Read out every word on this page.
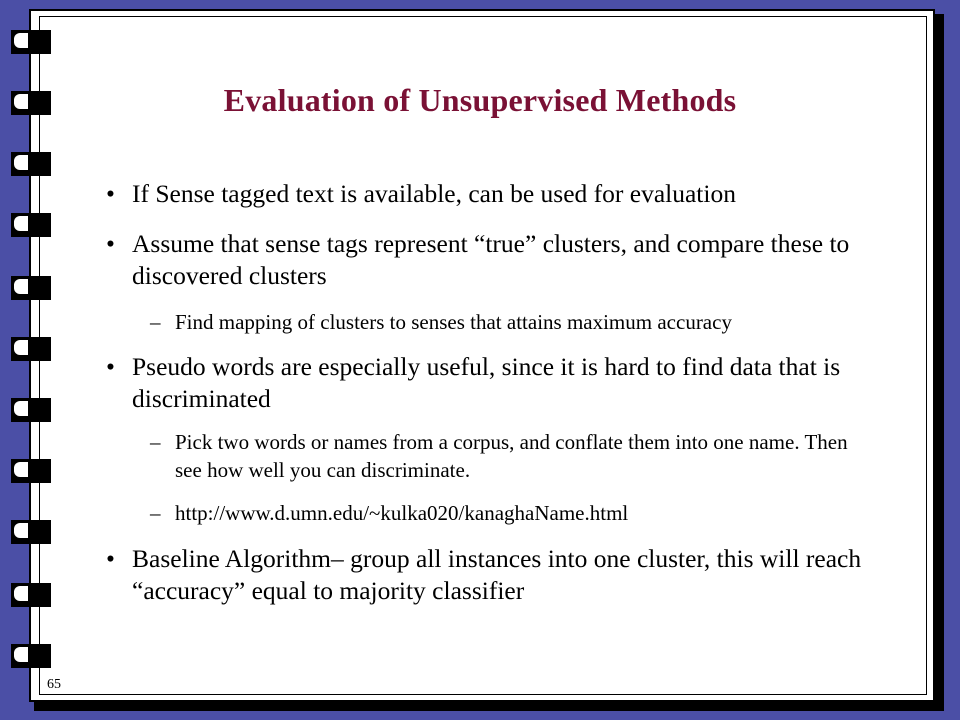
Evaluation of Unsupervised Methods
• If Sense tagged text is available, can be used for evaluation
• Assume that sense tags represent “true” clusters, and compare these to discovered clusters
– Find mapping of clusters to senses that attains maximum accuracy
• Pseudo words are especially useful, since it is hard to find data that is discriminated
– Pick two words or names from a corpus, and conflate them into one name. Then see how well you can discriminate.
– http://www.d.umn.edu/~kulka020/kanaghaName.html
• Baseline Algorithm– group all instances into one cluster, this will reach “accuracy” equal to majority classifier
65
